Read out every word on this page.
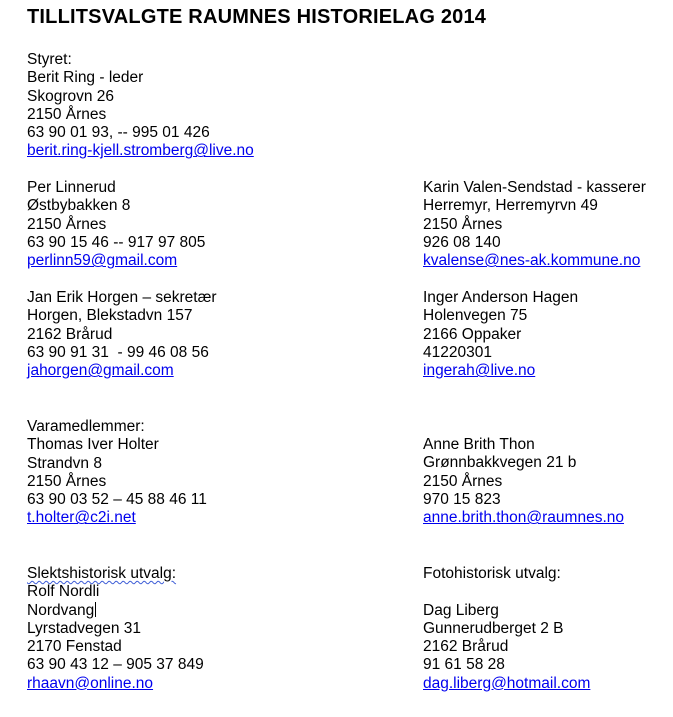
TILLITSVALGTE RAUMNES HISTORIELAG 2014
Styret:
Berit Ring - leder
Skogrovn 26
2150 Årnes
63 90 01 93, -- 995 01 426
berit.ring-kjell.stromberg@live.no
Per Linnerud
Østbybakken 8
2150 Årnes
63 90 15 46 -- 917 97 805
perlinn59@gmail.com
Karin Valen-Sendstad - kasserer
Herremyr, Herremyrvn 49
2150 Årnes
926 08 140
kvalense@nes-ak.kommune.no
Jan Erik Horgen – sekretær
Horgen, Blekstadvn 157
2162 Brårud
63 90 91 31  - 99 46 08 56
jahorgen@gmail.com
Inger Anderson Hagen
Holenvegen 75
2166 Oppaker
41220301
ingerah@live.no
Varamedlemmer:
Thomas Iver Holter
Strandvn 8
2150 Årnes
63 90 03 52 – 45 88 46 11
t.holter@c2i.net
Anne Brith Thon
Grønnbakkvegen 21 b
2150 Årnes
970 15 823
anne.brith.thon@raumnes.no
Slektshistorisk utvalg:
Rolf Nordli
Nordvang
Lyrstadvegen 31
2170 Fenstad
63 90 43 12 – 905 37 849
rhaavn@online.no
Fotohistorisk utvalg:
Dag Liberg
Gunnerudberget 2 B
2162 Brårud
91 61 58 28
dag.liberg@hotmail.com
